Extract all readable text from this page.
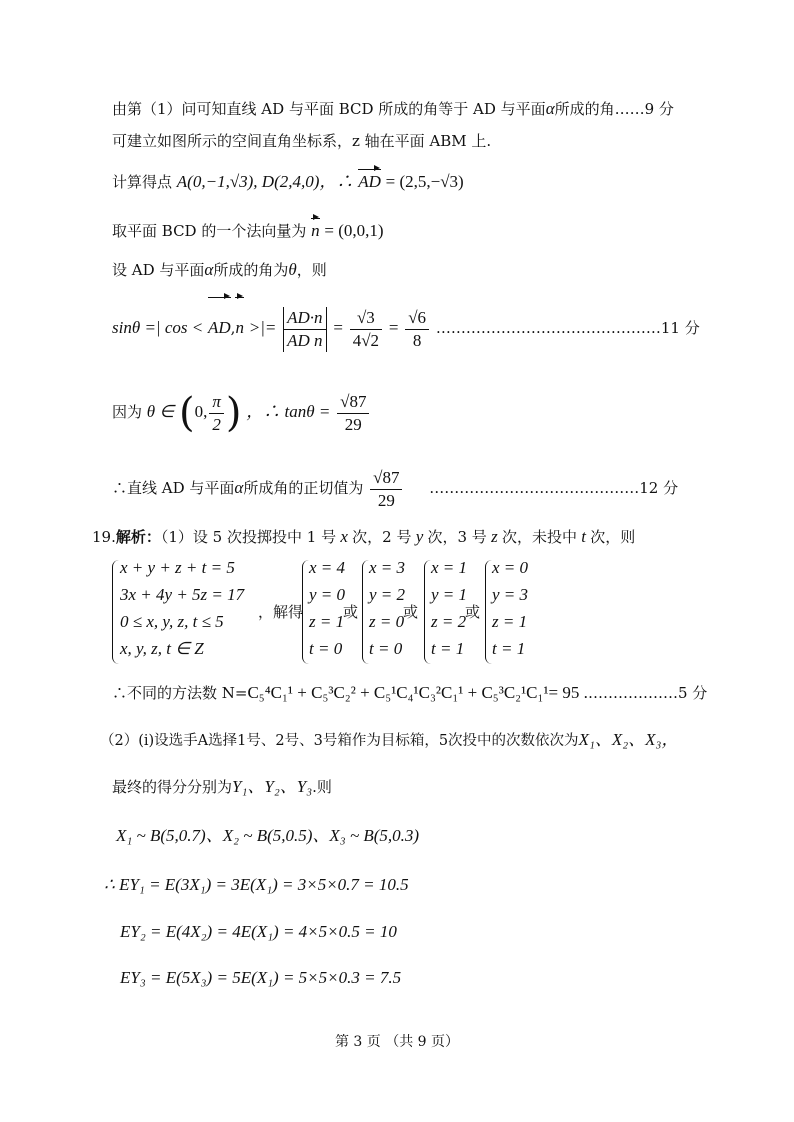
由第（1）问可知直线 AD 与平面 BCD 所成的角等于 AD 与平面α所成的角……9 分
可建立如图所示的空间直角坐标系，z 轴在平面 ABM 上.
计算得点 A(0,−1,√3), D(2,4,0)，∴ AD = (2,5,−√3)
取平面 BCD 的一个法向量为 n = (0,0,1)
设 AD 与平面α所成的角为θ，则
sinθ =| cos < AD,n >|= $\frac{AD\cdot n}{\text{AD n}} = \frac{√3}{4√2} = \frac{√6}{8}$ ………………………………………11 分
因为 θ ∈ (0, $\frac{\pi}{2}$ ) ，∴ $\tan\theta = \frac{√87}{29}$
∴直线 AD 与平面α所成角的正切值为 $\frac{√87}{29}$ ……………………………………12 分
19.解析：（1）设 5 次投掷投中 1 号 x 次，2 号 y 次，3 号 z 次，未投中 t 次，则
x + y + z + t = 5
3x + 4y + 5z = 17
0 ≤ x, y, z, t ≤ 5
x, y, z, t ∈ Z
，解得
x = 4
y = 0
z = 1
t = 0
或
x = 3
y = 2
z = 0
t = 0
或
x = 1
y = 1
z = 2
t = 1
或
x = 0
y = 3
z = 1
t = 1
∴不同的方法数 N=C₅⁴C₁¹ + C₅³C₂² + C₅¹C₄¹C₃²C₁¹ + C₅³C₂¹C₁¹= 95 . ………………5 分
（2）(i)设选手A选择1号、2号、3号箱作为目标箱，5次投中的次数依次为X₁、X₂、X₃，
最终的得分分别为Y₁、Y₂、Y₃.则
X₁ ~ B(5,0.7)、X₂ ~ B(5,0.5)、X₃ ~ B(5,0.3)
∴ EY₁ = E(3X₁) = 3E(X₁) = 3×5×0.7 = 10.5
EY₂ = E(4X₂) = 4E(X₁) = 4×5×0.5 = 10
EY₃ = E(5X₃) = 5E(X₁) = 5×5×0.3 = 7.5
第 3 页 （共 9 页）
